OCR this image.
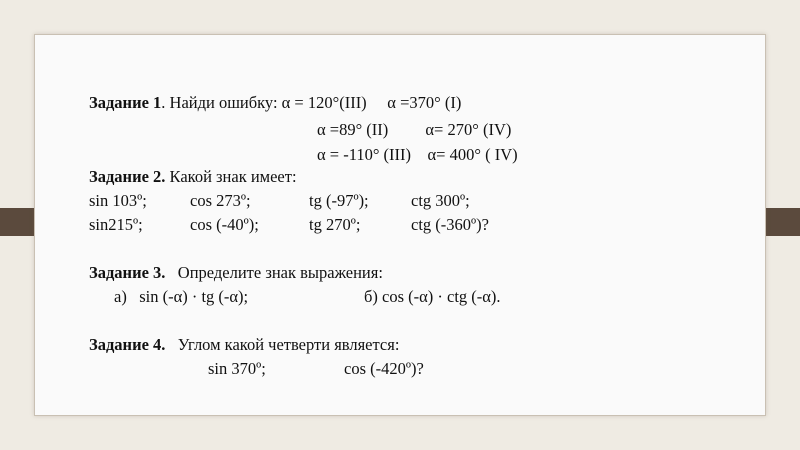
Задание 1. Найди ошибку: α = 120°(III)     α =370° (I)
α =89° (II)         α= 270° (IV)
α = -110° (III)    α= 400° ( IV)
Задание 2. Какой знак имеет:
sin 103º;	cos 273º;	tg (-97º);	ctg 300º;
sin215º;	cos (-40º);	tg 270º;	ctg (-360º)?
Задание 3.   Определите знак выражения:
a)   sin (-α) · tg (-α);	б) cos (-α) · ctg (-α).
Задание 4.   Углом какой четверти является:
sin 370º;	cos (-420º)?
